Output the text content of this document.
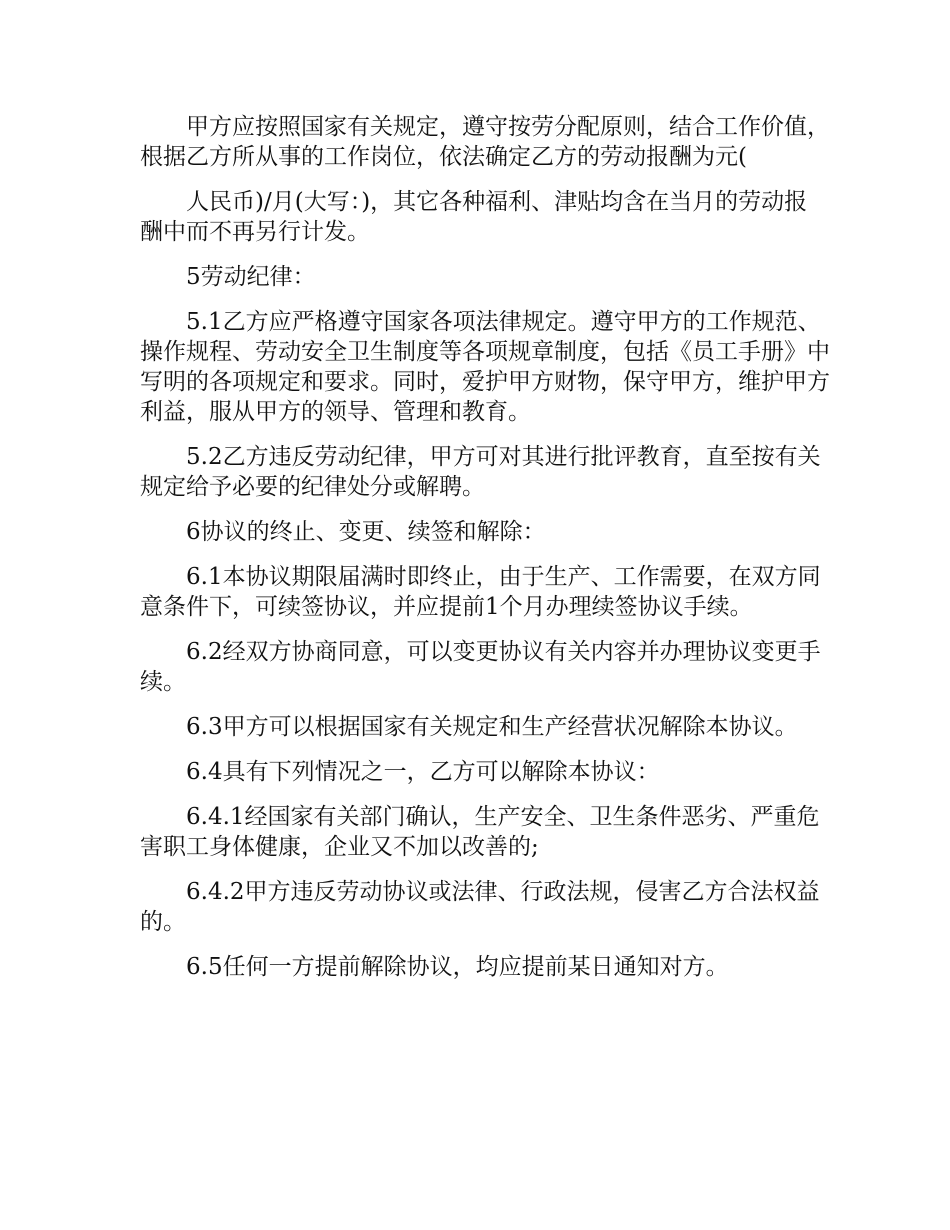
甲方应按照国家有关规定，遵守按劳分配原则，结合工作价值，根据乙方所从事的工作岗位，依法确定乙方的劳动报酬为元(

人民币)/月(大写：)，其它各种福利、津贴均含在当月的劳动报酬中而不再另行计发。

5劳动纪律：

5.1乙方应严格遵守国家各项法律规定。遵守甲方的工作规范、操作规程、劳动安全卫生制度等各项规章制度，包括《员工手册》中写明的各项规定和要求。同时，爱护甲方财物，保守甲方，维护甲方利益，服从甲方的领导、管理和教育。

5.2乙方违反劳动纪律，甲方可对其进行批评教育，直至按有关规定给予必要的纪律处分或解聘。

6协议的终止、变更、续签和解除：

6.1本协议期限届满时即终止，由于生产、工作需要，在双方同意条件下，可续签协议，并应提前1个月办理续签协议手续。

6.2经双方协商同意，可以变更协议有关内容并办理协议变更手续。

6.3甲方可以根据国家有关规定和生产经营状况解除本协议。

6.4具有下列情况之一，乙方可以解除本协议：

6.4.1经国家有关部门确认，生产安全、卫生条件恶劣、严重危害职工身体健康，企业又不加以改善的;

6.4.2甲方违反劳动协议或法律、行政法规，侵害乙方合法权益的。

6.5任何一方提前解除协议，均应提前某日通知对方。
